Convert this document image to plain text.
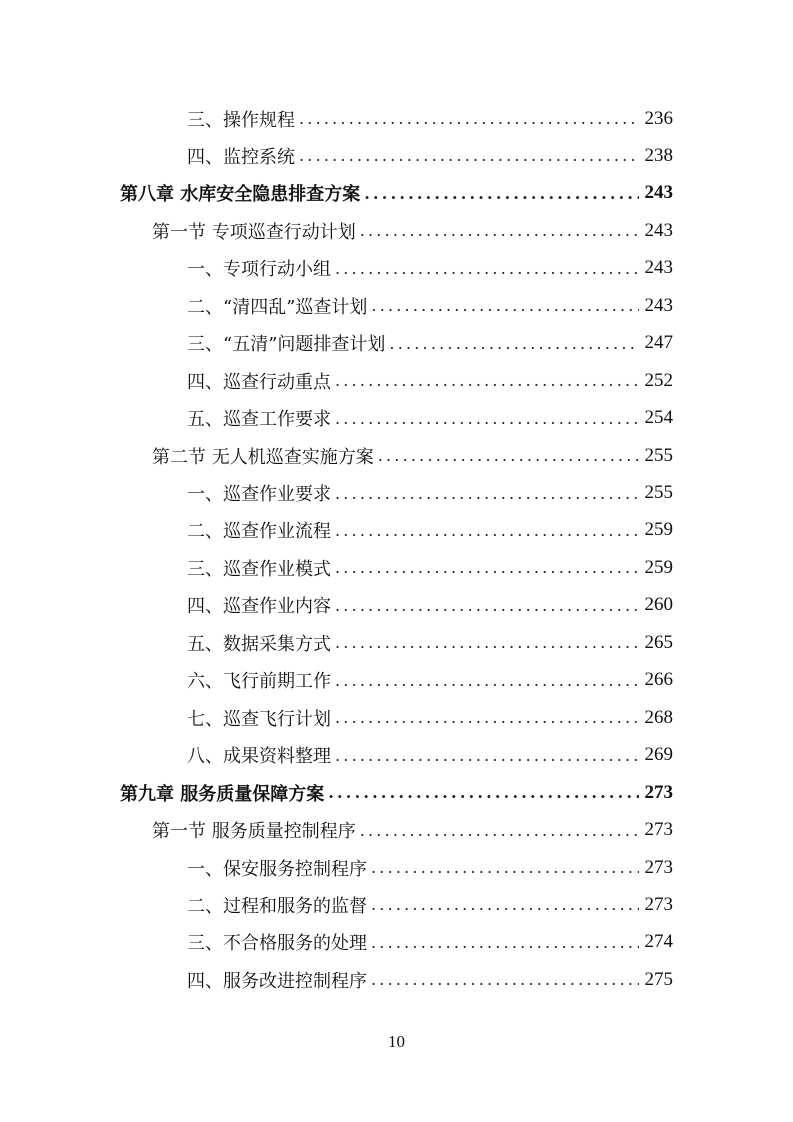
三、操作规程 .....	236
四、监控系统 .....	238
第八章 水库安全隐患排查方案 .....	243
第一节 专项巡查行动计划 .....	243
一、专项行动小组 .....	243
二、“清四乱”巡查计划 .....	243
三、“五清”问题排查计划 .....	247
四、巡查行动重点 .....	252
五、巡查工作要求 .....	254
第二节 无人机巡查实施方案 .....	255
一、巡查作业要求 .....	255
二、巡查作业流程 .....	259
三、巡查作业模式 .....	259
四、巡查作业内容 .....	260
五、数据采集方式 .....	265
六、飞行前期工作 .....	266
七、巡查飞行计划 .....	268
八、成果资料整理 .....	269
第九章 服务质量保障方案 .....	273
第一节 服务质量控制程序 .....	273
一、保安服务控制程序 .....	273
二、过程和服务的监督 .....	273
三、不合格服务的处理 .....	274
四、服务改进控制程序 .....	275
10
